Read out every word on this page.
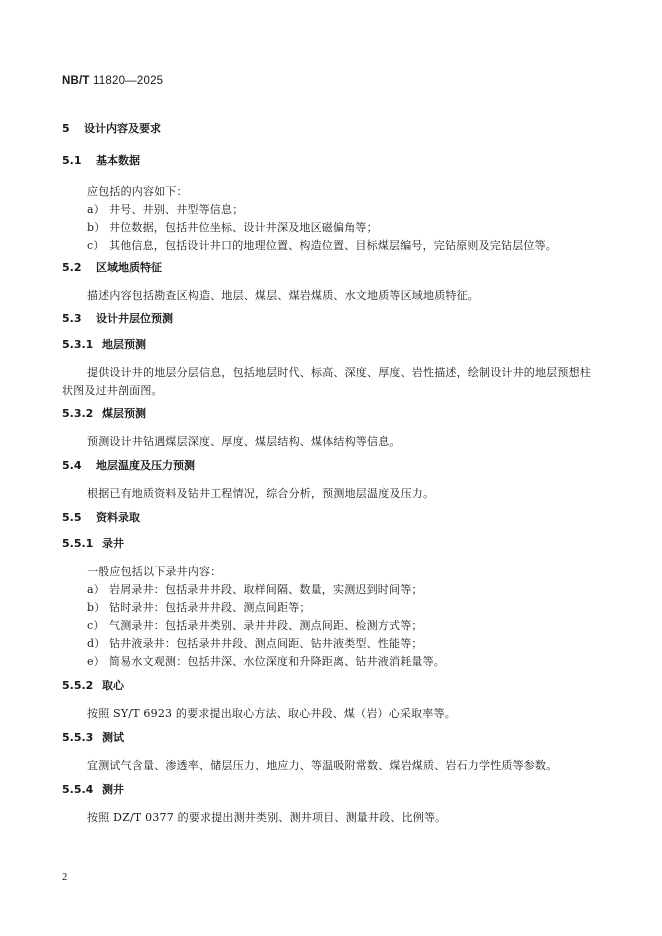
NB/T 11820—2025
5 设计内容及要求
5.1 基本数据
应包括的内容如下：
a） 井号、井别、井型等信息；
b） 井位数据，包括井位坐标、设计井深及地区磁偏角等；
c） 其他信息，包括设计井口的地理位置、构造位置、目标煤层编号，完钻原则及完钻层位等。
5.2 区域地质特征
描述内容包括勘查区构造、地层、煤层、煤岩煤质、水文地质等区域地质特征。
5.3 设计井层位预测
5.3.1 地层预测
提供设计井的地层分层信息，包括地层时代、标高、深度、厚度、岩性描述，绘制设计井的地层预想柱
状图及过井剖面图。
5.3.2 煤层预测
预测设计井钻遇煤层深度、厚度、煤层结构、煤体结构等信息。
5.4 地层温度及压力预测
根据已有地质资料及钻井工程情况，综合分析，预测地层温度及压力。
5.5 资料录取
5.5.1 录井
一般应包括以下录井内容：
a） 岩屑录井：包括录井井段、取样间隔、数量，实测迟到时间等；
b） 钻时录井：包括录井井段、测点间距等；
c） 气测录井：包括录井类别、录井井段、测点间距、检测方式等；
d） 钻井液录井：包括录井井段、测点间距、钻井液类型、性能等；
e） 简易水文观测：包括井深、水位深度和升降距离、钻井液消耗量等。
5.5.2 取心
按照 SY/T 6923 的要求提出取心方法、取心井段、煤（岩）心采取率等。
5.5.3 测试
宜测试气含量、渗透率、储层压力、地应力、等温吸附常数、煤岩煤质、岩石力学性质等参数。
5.5.4 测井
按照 DZ/T 0377 的要求提出测井类别、测井项目、测量井段、比例等。
2
